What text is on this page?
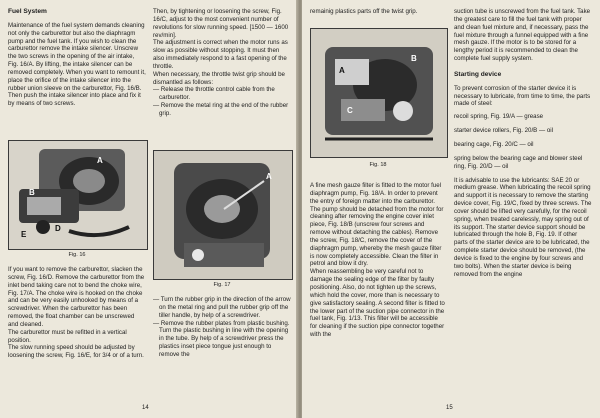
Fuel System

Maintenance of the fuel system demands cleaning not only the carburettor but also the diaphragm pump and the fuel tank. If you wish to clean the carburettor remove the intake silencer. Unscrew the two screws in the opening of the air intake, Fig. 16/A. By lifting, the intake silencer can be removed completely. When you want to remount it, place the orifice of the intake silencer into the rubber union sleeve on the carburettor, Fig. 16/B. Then push the intake silencer into place and fix it by means of two screws.

A
B
D
E
Fig. 16

If you want to remove the carburettor, slacken the screw, Fig. 16/D. Remove the carburettor from the inlet bend taking care not to bend the choke wire, Fig. 17/A. The choke wire is hooked on the choke and can be very easily unhooked by means of a screwdriver. When the carburettor has been removed, the float chamber can be unscrewed and cleaned.

The carburettor must be refitted in a vertical position.

The slow running speed should be adjusted by loosening the screw, Fig. 16/E, for 3/4 or of a turn.

Then, by tightening or loosening the screw, Fig. 16/C, adjust to the most convenient number of revolutions for slow running speed. [1500 — 1600 rev/min].

The adjustment is correct when the motor runs as slow as possible without stopping. It must then also immediately respond to a fast opening of the throttle.

When necessary, the throttle twist grip should be dismantled as follows:

— Release the throttle control cable from the carburettor.

— Remove the metal ring at the end of the rubber grip.

A
Fig. 17

— Turn the rubber grip in the direction of the arrow on the metal ring and pull the rubber grip off the tiller handle, by help of a screwdriver.

— Remove the rubber plates from plastic bushing. Turn the plastic bushing in line with the opening in the tube. By help of a screwdriver press the plastics inset piece tongue just enough to remove the

14

remainig plastics parts off the twist grip.

A
B
C
Fig. 18

A fine mesh gauze filter is fitted to the motor fuel diaphragm pump, Fig. 18/A. In order to prevent the entry of foreign matter into the carburettor. The pump should be detached from the motor for cleaning after removing the engine cover inlet piece, Fig. 18/B (unscrew four screws and remove without detaching the cables). Remove the screw, Fig. 18/C, remove the cover of the diaphragm pump, whereby the mesh gauze filter is now completely accessible. Clean the filter in petrol and blow it dry.

When reassembling be very careful not to damage the sealing edge of the filter by faulty positioning. Also, do not tighten up the screws, which hold the cover, more than is necessary to give satisfactory sealing. A second filter is fitted to the lower part of the suction pipe connector in the fuel tank, Fig. 1/13. This filter will be accessible for cleaning if the suction pipe connector together with the

suction tube is unscrewed from the fuel tank. Take the greatest care to fill the fuel tank with proper and clean fuel mixture and, if necessary, pass the fuel mixture through a funnel equipped with a fine mesh gauze. If the motor is to be stored for a lengthy period it is recommended to clean the complete fuel supply system.

Starting device

To prevent corrosion of the starter device it is necessary to lubricate, from time to time, the parts made of steel:

recoil spring, Fig. 19/A — grease

starter device rollers, Fig. 20/B — oil

bearing cage, Fig. 20/C — oil

spring below the bearing cage and blower steel ring, Fig. 20/D — oil

It is advisable to use the lubricants: SAE 20 or medium grease. When lubricating the recoil spring and support it is necessary to remove the starting device cover, Fig. 19/C, fixed by three screws. The cover should be lifted very carefully, for the recoil spring, when treated carelessly, may spring out of its support. The starter device support should be lubricated through the hole B, Fig. 19. If other parts of the starter device are to be lubricated, the complete starter device should be removed, (the device is fixed to the engine by four screws and two bolts). When the starter device is being removed from the engine

15
